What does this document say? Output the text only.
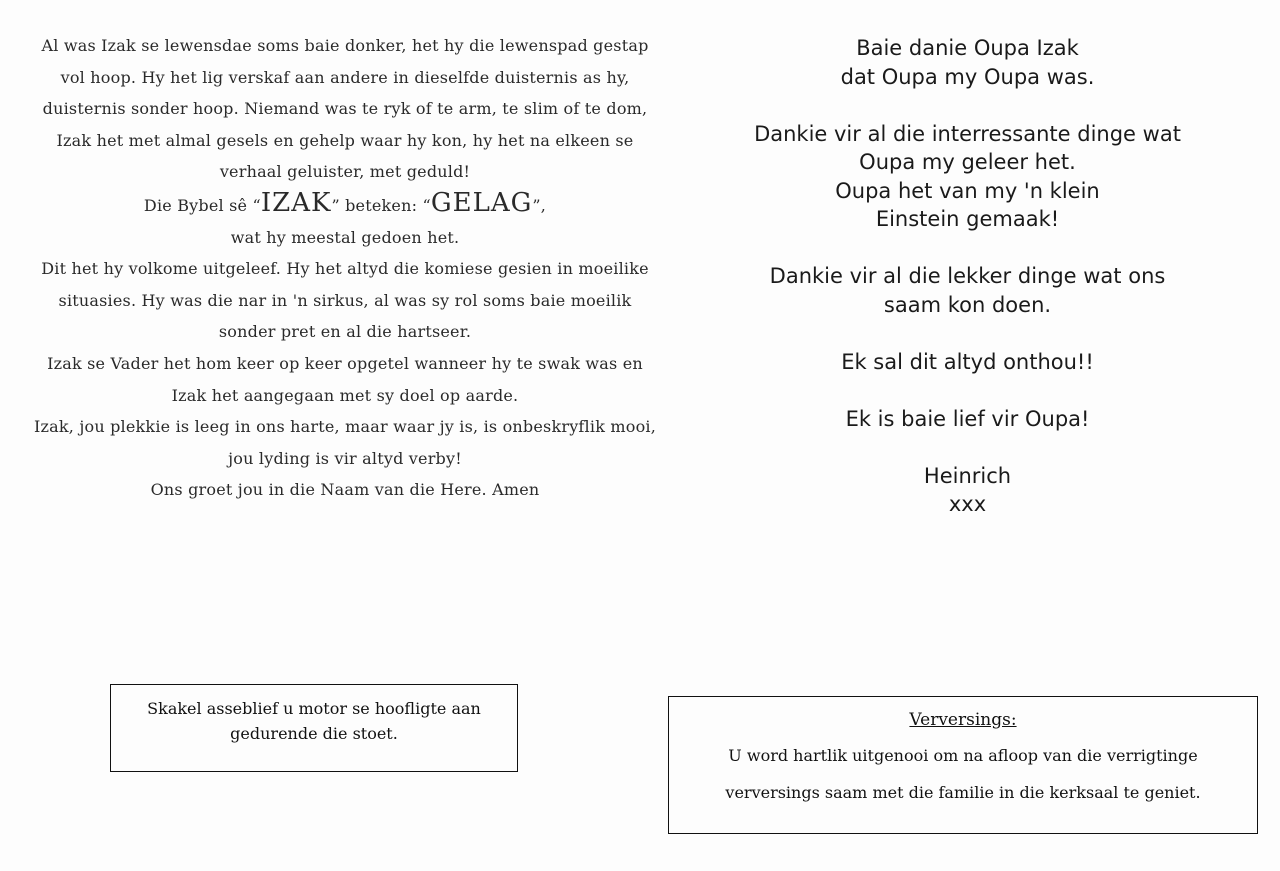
Al was Izak se lewensdae soms baie donker, het hy die lewenspad gestap
vol hoop. Hy het lig verskaf aan andere in dieselfde duisternis as hy,
duisternis sonder hoop. Niemand was te ryk of te arm, te slim of te dom,
Izak het met almal gesels en gehelp waar hy kon, hy het na elkeen se
verhaal geluister, met geduld!
Die Bybel sê “IZAK” beteken: “GELAG”,
wat hy meestal gedoen het.
Dit het hy volkome uitgeleef. Hy het altyd die komiese gesien in moeilike
situasies. Hy was die nar in 'n sirkus, al was sy rol soms baie moeilik
sonder pret en al die hartseer.
Izak se Vader het hom keer op keer opgetel wanneer hy te swak was en
Izak het aangegaan met sy doel op aarde.
Izak, jou plekkie is leeg in ons harte, maar waar jy is, is onbeskryflik mooi,
jou lyding is vir altyd verby!
Ons groet jou in die Naam van die Here. Amen
Baie danie Oupa Izak
dat Oupa my Oupa was.
Dankie vir al die interressante dinge wat
Oupa my geleer het.
Oupa het van my 'n klein
Einstein gemaak!
Dankie vir al die lekker dinge wat ons
saam kon doen.
Ek sal dit altyd onthou!!
Ek is baie lief vir Oupa!
Heinrich
xxx
Skakel asseblief u motor se hoofligte aan
gedurende die stoet.
Verversings:
U word hartlik uitgenooi om na afloop van die verrigtinge
verversings saam met die familie in die kerksaal te geniet.
